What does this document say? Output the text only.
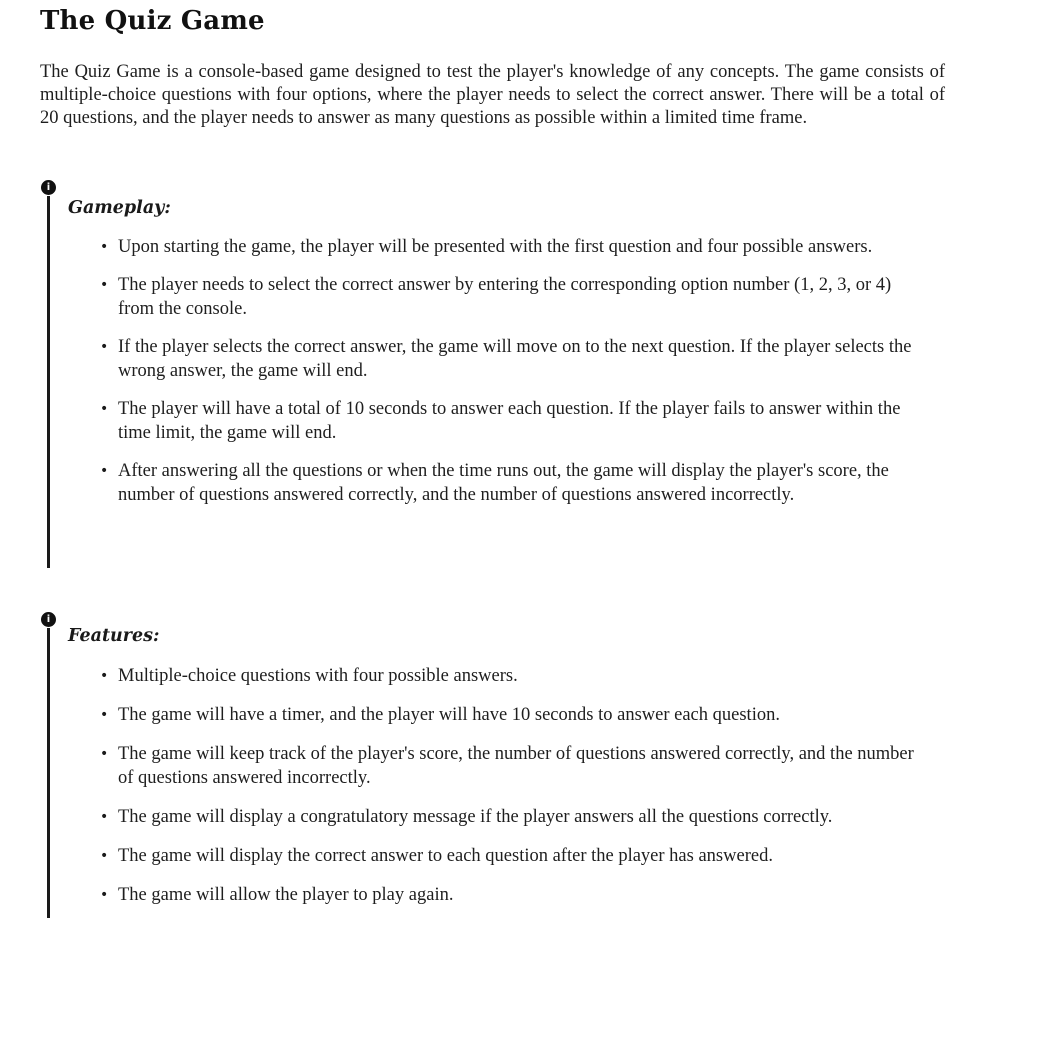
The Quiz Game

The Quiz Game is a console-based game designed to test the player's knowledge of any concepts. The game consists of multiple-choice questions with four options, where the player needs to select the correct answer. There will be a total of 20 questions, and the player needs to answer as many questions as possible within a limited time frame.

i
Gameplay:
• Upon starting the game, the player will be presented with the first question and four possible answers.
• The player needs to select the correct answer by entering the corresponding option number (1, 2, 3, or 4) from the console.
• If the player selects the correct answer, the game will move on to the next question. If the player selects the wrong answer, the game will end.
• The player will have a total of 10 seconds to answer each question. If the player fails to answer within the time limit, the game will end.
• After answering all the questions or when the time runs out, the game will display the player's score, the number of questions answered correctly, and the number of questions answered incorrectly.
i
Features:
• Multiple-choice questions with four possible answers.
• The game will have a timer, and the player will have 10 seconds to answer each question.
• The game will keep track of the player's score, the number of questions answered correctly, and the number of questions answered incorrectly.
• The game will display a congratulatory message if the player answers all the questions correctly.
• The game will display the correct answer to each question after the player has answered.
• The game will allow the player to play again.
